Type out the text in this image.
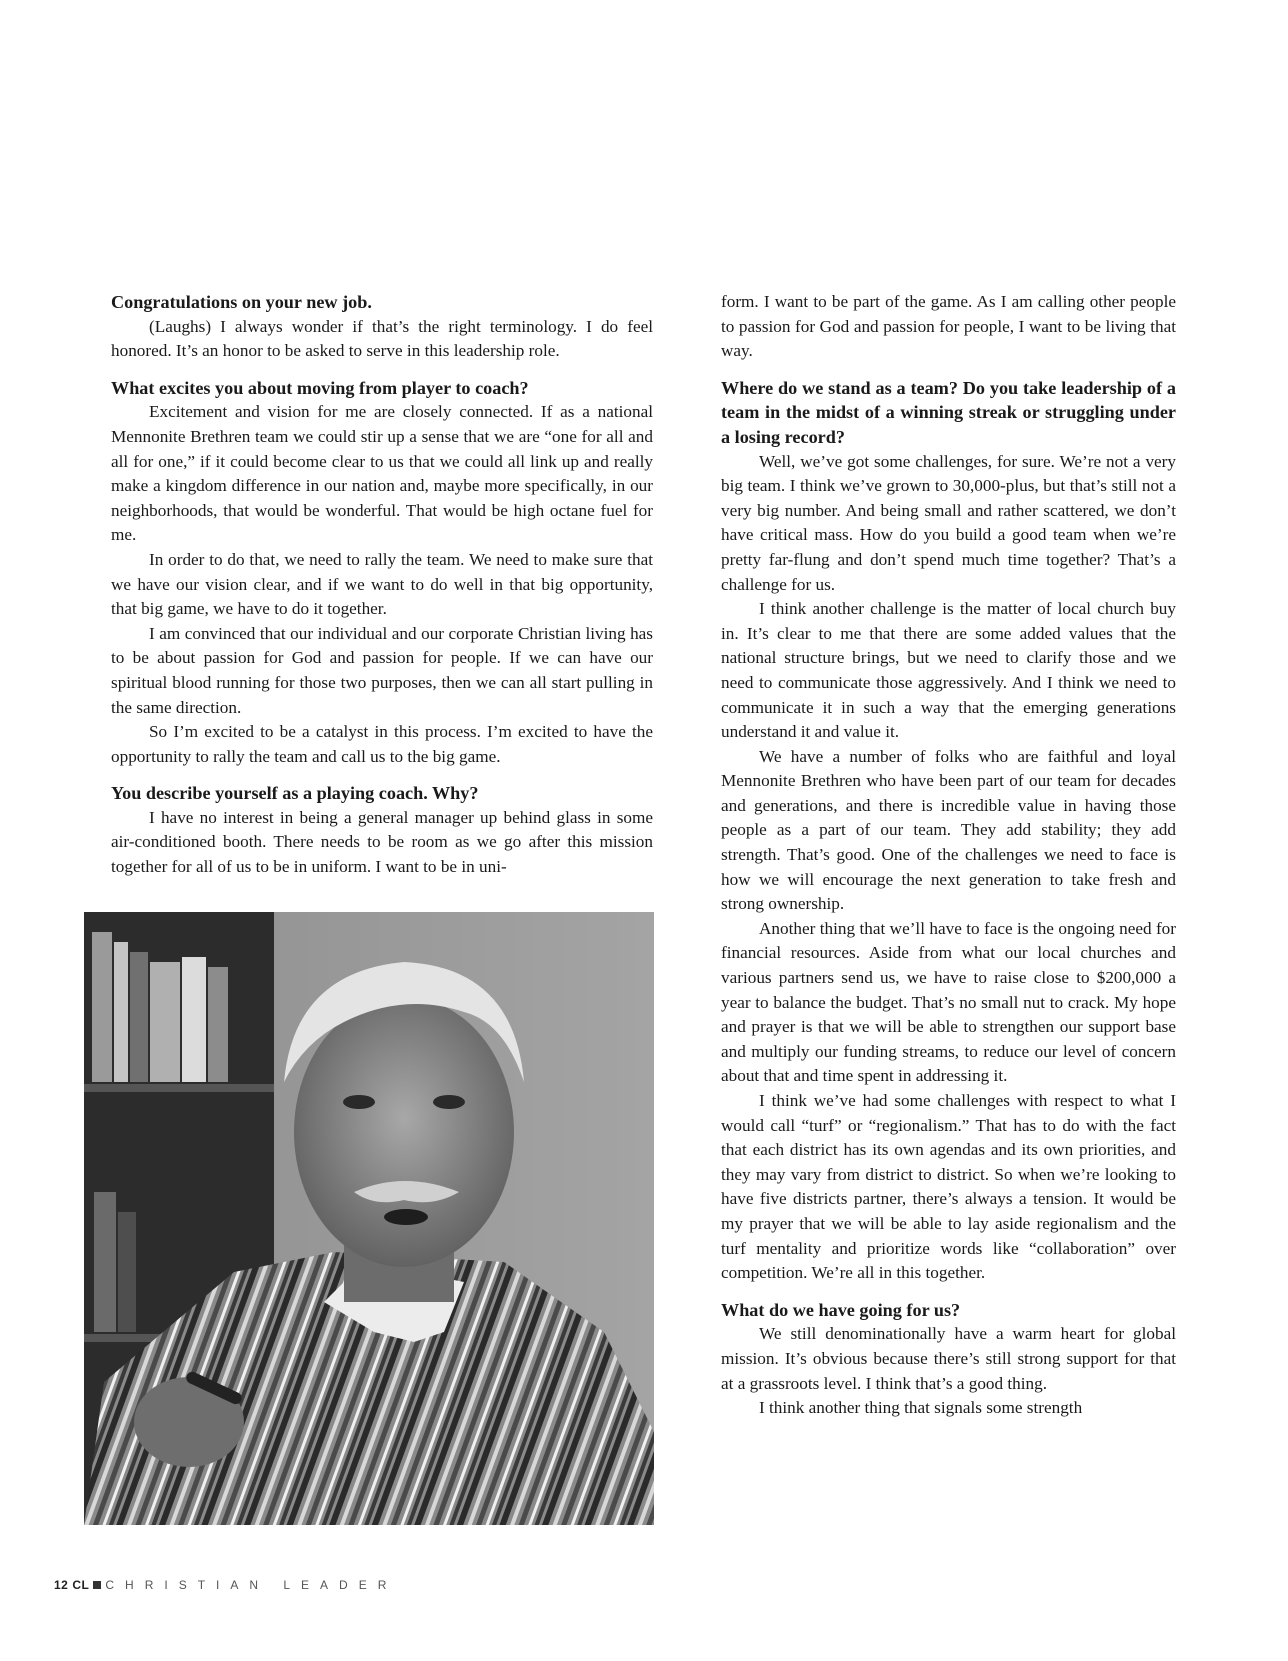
Congratulations on your new job.

(Laughs) I always wonder if that’s the right terminology. I do feel honored. It’s an honor to be asked to serve in this leadership role.

What excites you about moving from player to coach?

Excitement and vision for me are closely connected. If as a national Mennonite Brethren team we could stir up a sense that we are “one for all and all for one,” if it could become clear to us that we could all link up and really make a kingdom difference in our nation and, maybe more specifically, in our neighborhoods, that would be wonderful. That would be high octane fuel for me.

In order to do that, we need to rally the team. We need to make sure that we have our vision clear, and if we want to do well in that big opportunity, that big game, we have to do it together.

I am convinced that our individual and our corporate Christian living has to be about passion for God and passion for people. If we can have our spiritual blood running for those two purposes, then we can all start pulling in the same direction.

So I’m excited to be a catalyst in this process. I’m excited to have the opportunity to rally the team and call us to the big game.

You describe yourself as a playing coach. Why?

I have no interest in being a general manager up behind glass in some air-conditioned booth. There needs to be room as we go after this mission together for all of us to be in uniform. I want to be in uni-

form. I want to be part of the game. As I am calling other people to passion for God and passion for people, I want to be living that way.

Where do we stand as a team? Do you take leadership of a team in the midst of a winning streak or struggling under a losing record?

Well, we’ve got some challenges, for sure. We’re not a very big team. I think we’ve grown to 30,000-plus, but that’s still not a very big number. And being small and rather scattered, we don’t have critical mass. How do you build a good team when we’re pretty far-flung and don’t spend much time together? That’s a challenge for us.

I think another challenge is the matter of local church buy in. It’s clear to me that there are some added values that the national structure brings, but we need to clarify those and we need to communicate those aggressively. And I think we need to communicate it in such a way that the emerging generations understand it and value it.

We have a number of folks who are faithful and loyal Mennonite Brethren who have been part of our team for decades and generations, and there is incredible value in having those people as a part of our team. They add stability; they add strength. That’s good. One of the challenges we need to face is how we will encourage the next generation to take fresh and strong ownership.

Another thing that we’ll have to face is the ongoing need for financial resources. Aside from what our local churches and various partners send us, we have to raise close to $200,000 a year to balance the budget. That’s no small nut to crack. My hope and prayer is that we will be able to strengthen our support base and multiply our funding streams, to reduce our level of concern about that and time spent in addressing it.

I think we’ve had some challenges with respect to what I would call “turf” or “regionalism.” That has to do with the fact that each district has its own agendas and its own priorities, and they may vary from district to district. So when we’re looking to have five districts partner, there’s always a tension. It would be my prayer that we will be able to lay aside regionalism and the turf mentality and prioritize words like “collaboration” over competition. We’re all in this together.

What do we have going for us?

We still denominationally have a warm heart for global mission. It’s obvious because there’s still strong support for that at a grassroots level. I think that’s a good thing.

I think another thing that signals some strength

12 CL CHRISTIAN LEADER
